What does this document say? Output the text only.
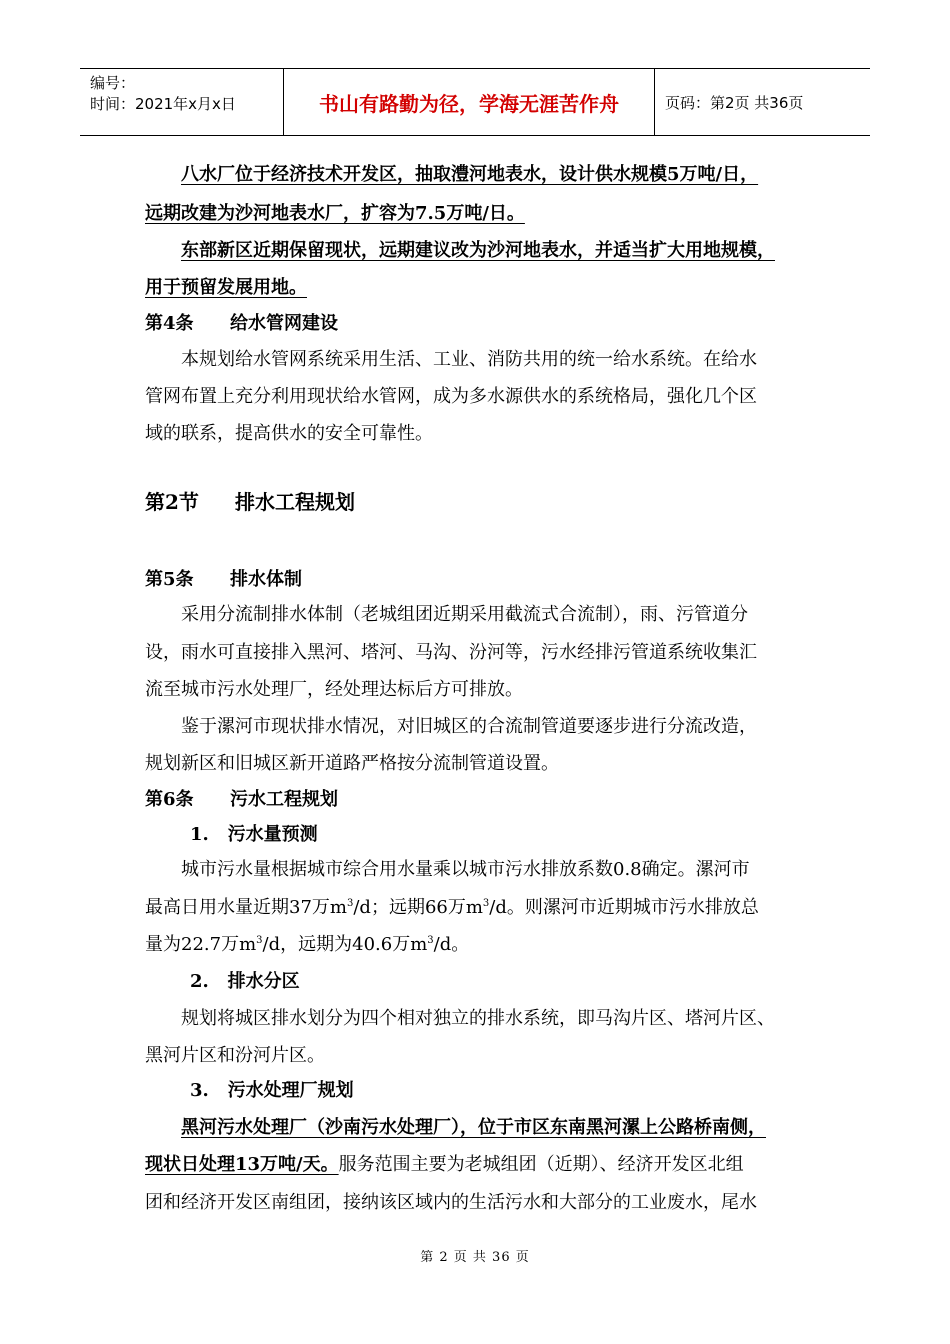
编号：
时间：2021年x月x日	书山有路勤为径，学海无涯苦作舟	页码：第2页 共36页
八水厂位于经济技术开发区，抽取澧河地表水，设计供水规模5万吨/日，
远期改建为沙河地表水厂，扩容为7.5万吨/日。
东部新区近期保留现状，远期建议改为沙河地表水，并适当扩大用地规模，
用于预留发展用地。
第4条 给水管网建设
本规划给水管网系统采用生活、工业、消防共用的统一给水系统。在给水
管网布置上充分利用现状给水管网，成为多水源供水的系统格局，强化几个区
域的联系，提高供水的安全可靠性。
第2节 排水工程规划
第5条 排水体制
采用分流制排水体制（老城组团近期采用截流式合流制），雨、污管道分
设，雨水可直接排入黑河、塔河、马沟、汾河等，污水经排污管道系统收集汇
流至城市污水处理厂，经处理达标后方可排放。
鉴于漯河市现状排水情况，对旧城区的合流制管道要逐步进行分流改造，
规划新区和旧城区新开道路严格按分流制管道设置。
第6条 污水工程规划
1.   污水量预测
城市污水量根据城市综合用水量乘以城市污水排放系数0.8确定。漯河市
最高日用水量近期37万$m^3/d$；远期66万$m^3/d$。则漯河市近期城市污水排放总
量为22.7万$m^3/d$，远期为40.6万$m^3/d$。
2.   排水分区
规划将城区排水划分为四个相对独立的排水系统，即马沟片区、塔河片区、
黑河片区和汾河片区。
3.   污水处理厂规划
黑河污水处理厂（沙南污水处理厂），位于市区东南黑河漯上公路桥南侧，
现状日处理13万吨/天。服务范围主要为老城组团（近期）、经济开发区北组
团和经济开发区南组团，接纳该区域内的生活污水和大部分的工业废水，尾水
第 2 页 共 36 页
